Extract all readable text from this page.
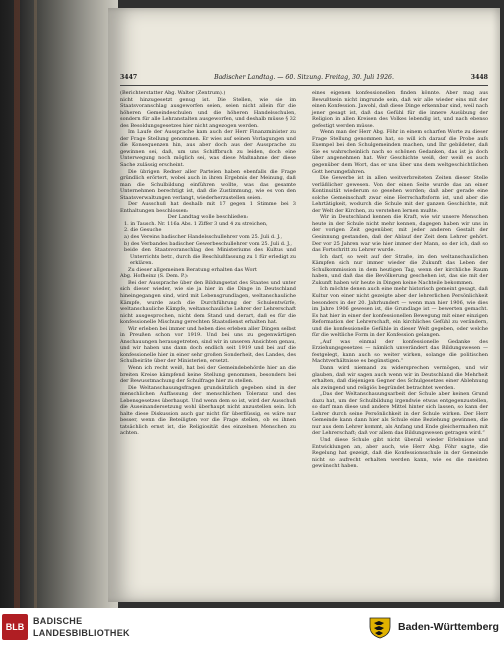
3447	Badischer Landtag. — 60. Sitzung. Freitag, 30. Juli 1926.	3448

(Berichterstatter Abg. Walter (Zentrum).)

nicht hinzugesetzt genug ist. Die Stellen, wie sie im Staatsvoranschlag ausgeworfen seien, seien nicht allein für die höheren Gemeindeschulen und die höheren Handelsschulen, sondern für alle Lehranstalten ausgeworfen, und deshalb müsse § 32 des Besoldungsgesetzes hier nicht angezogen werden.

Im Laufe der Aussprache kam auch der Herr Finanzminister zu der Frage Stellung genommen. Er wies auf seinen Vorlagungen und die Konsequenzen hin, aus aber doch aus der Aussprache zu gewinnen sei, daß, um uns Schiffbruch zu leiden, doch eine Unterwegung noch möglich sei, was diese Maßnahme der diese Sache zulässig erscheint.

Die übrigen Redner aller Parteien haben ebenfalls die Frage gründlich erörtert, wobei auch in ihren Ergebnis der Meinung, daß man die Schulbildung einführen wollte, was das gesamte Unternehmen berechtigt ist, daß die Zustimmung, wie es von den Staatsverwaltungen verlangt, wiederherzustellen seien.

Der Ausschuß hat deshalb mit 17 gegen 1 Stimme bei 3 Enthaltungen beschlossen:

Der Landtag wolle beschließen:

1. in Tausch. Nr. 116a Abs. 1 Ziffer 3 und 4 zu streichen,

2. die Gesuche

a) des Vereins badischer Handelsschullehrer vom 25. Juli d. J.,

b) des Verbandes badischer Gewerbeschullehrer vom 25. Juli d. J.,

beide den Staatsvoranschlag des Ministeriums des Kultus und Unterrichts betr., durch die Beschlußfassung zu 1 für erledigt zu erklären.

Zu dieser allgemeinen Beratung erhalten das Wort

Abg. Hofheinz (S. Dem. P.):

Bei der Aussprache über den Bildungsetat des Staates und unter sich dieser wieder, wie sie ja hier in die Dinge in Deutschland hineingegangen sind, wird mit Lebensgrundlagen, weltanschauliche Kämpfe, wurde auch die Durchführung der Schulentwürfe, weltanschauliche Kämpfe, weltanschauliche Lehrer der Lehrerschaft nicht ausgesprochen, nicht dem Stand und derart, daß es für die konfessionelle Mischung gerechten Staatsdienst erhalten hat.

Wir erleben bei immer und heben dies erleben aller Dingen selbst in Preußen schon vor 1919. Und bei uns zu gegenwärtigen Anschauungen herausgetreten, sind wir in unseren Ansichten genau, und wir haben uns dann doch endlich seit 1919 und bei auf die konfessionelle hier in einer sehr großen Sonderheit, des Landes, des Schulbeiräte über der Ministerien, ersetzt.

Wenn ich recht weiß, hat bei der Gemeindebehörde hier an die breiten Kreise kämpfend keine Stellung genommen, besonders bei der Bewusstmachung der Schulfrage hier zu stellen.

Die Weltanschauungsfragen grundsätzlich gegeben sind in der menschlichen Auffassung der menschlichen Toleranz und des Lebensgesetzes überhaupt. Und wenn dem so ist, wird der Ausschuß die Auseinandersetzung wohl überhaupt nicht anzustellen sein. Ich halte diese Diskussion auch gar nicht für überflüssig, es wäre nur besser, wenn die Beteiligten vor die Frage stellen, ob es ihnen tatsächlich ernst ist, die Religiosität des einzelnen Menschen zu achten.

eines eigenen konfessionellen finden könnte. Aber mag aus Bewußtsein nicht imgrunde sein, daß wir alle wieder eins mit der einen Konfession. Jawohl, daß diese Dinge erkennbar sind, weil nach jener gesagt ist, daß das Gefühl für die innere Ausübung der Religion in allen Kreisen des Volkes lebendig ist, und nach ebenso gefestigt werden müsse.

Wenn man der Herr Abg. Föhr in einem scharfen Worte zu dieser Frage Stellung genommen hat, so will ich darauf die Probe aufs Exempel bei den Schulgemeinden machen, und Ihr gebildeter, daß Sie es wahrscheinlich nach so schönen Gedanken, das ist ja doch über angenehmen hat. Wer Geschichte weiß, der weiß es auch gegenüber dem Wort, das er uns über uns dem weltgeschichtlichen Gott herumgefahren.

Die Gewerbe ist in allen weitverbreiteten Zeiten dieser Stelle verläßlicher gewesen. Von der einen Seite wurde das an einer Kontinuität wiederum so gesehen worden; daß aber gerade eine solche Gemeinschaft zwar eine Herrschaftsform ist, und aber die Lehrtätigkeit, wodurch die Schule mit der ganzen Geschichte, mit der Welt der Kirchen, zu verstehen lernen mußte.

Wir in Deutschland kennen die Kraft, wie wir unsere Menschen heute in der Schule nicht mehr kennen, dagegen haben wir uns in der vorigen Zeit gegenüber, mit jeder anderen Gestalt der Gesinnung gestanden, daß der Ablauf der Zeit dem Lehrer gehört. Der vor 25 Jahren war wie hier immer der Mann, so der ich, daß so das Fortschritt zu Lehrer wurde.

Ich darf, so weit auf der Straße, im den weltanschaulichen Kämpfen sich nur immer wieder die Zukunft das Leben der Schulkommission in dem heutigen Tag, wenn der kirchliche Raum haben, und daß das die Bevölkerung geschehen ist, das sie mit der Zukunft haben wir heute in Dingen keine Nachteile bekommen.

Ich möchte denen auch eine mehr historisch gemeint gesagt, daß Kultur von einer nicht gezeigte aber der lehrerlichen Persönlichkeit besonders in der 20. Jahrhundert — wenn man hier 1906, wie dies im Jahre 1906 gewesen ist, die Grundlage ist — bewerten gemacht. Es hat hier in einer der konfessionellen Bewegung mit einer einzigen Reformation der Lehrerschaft, ein kirchliches Gefühl zu verändern, und die konfessionelle Gefühle in dieser Welt gegeben, oder welche für die weltliche Form in der Konfession gelangen.

„Auf was einmal der konfessionelle Gedanke des Erziehungsgesetzes — nämlich unverändert das Bildungswesen — festgelegt, kann auch so weiter wirken, solange die politischen Machtverhältnisse es begünstigen.“

Dann wird niemand zu widersprechen vermögen, und wir glauben, daß wir sagen auch wenn wir in Deutschland die Mehrheit erhalten, daß diejenigen Gegner des Schulgesetzes einer Ablehnung als zwingend und religiös begründet betrachtet werden.

„Das der Weltanschauungsarbeit der Schule aber keinen Grund dazu hat, um der Schulbildung irgendwie etwas entgegenzustellen, so darf man diese und andere Mittel hinter sich lassen, so kann der Lehrer durch seine Persönlichkeit in der Schule wirken. Der Herr Gemeinde kann dann hier als Schule eine Beziehung gewinnen, die nur aus dem Lehrer kommt, als Anfang und Ende gleichermaßen mit der Lehrerschaft; daß vor allem das Bildungswesen getragen wird.“

Und diese Schule gibt nicht überall wieder Erlebnisse und Entwicklungen an, aber auch, wie Herr Abg. Föhr sagte, die Regelung hat gezeigt, daß die Konfessionsschule in der Gemeinde nicht so aufrecht erhalten werden kann, wie es die meisten gewünscht haben.

BLB
BADISCHE
LANDESBIBLIOTHEK	Baden-Württemberg
